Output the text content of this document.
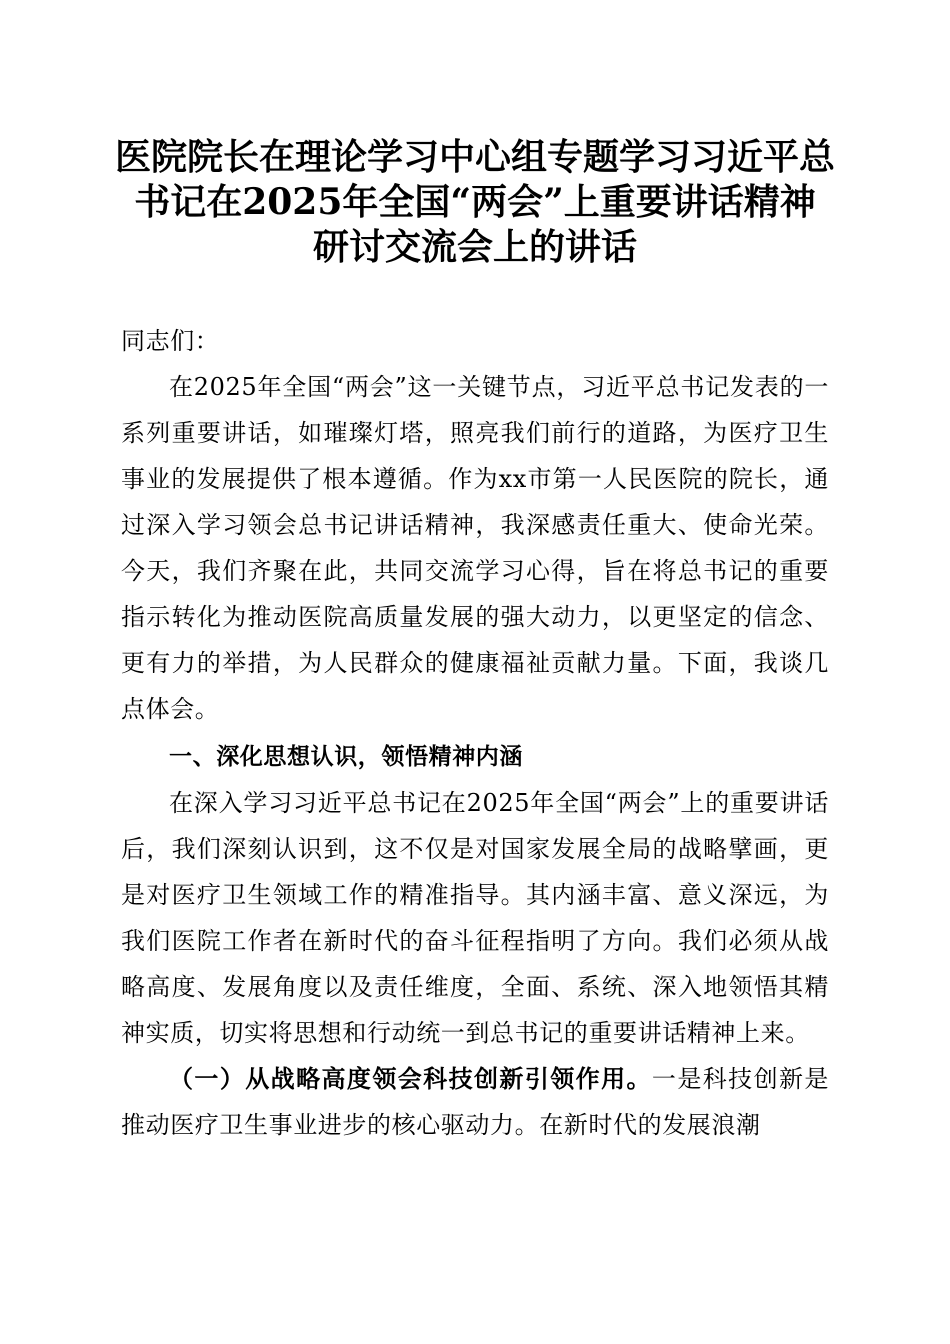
医院院长在理论学习中心组专题学习习近平总
书记在2025年全国“两会”上重要讲话精神
研讨交流会上的讲话

同志们：

在2025年全国“两会”这一关键节点，习近平总书记发表的一系列重要讲话，如璀璨灯塔，照亮我们前行的道路，为医疗卫生事业的发展提供了根本遵循。作为xx市第一人民医院的院长，通过深入学习领会总书记讲话精神，我深感责任重大、使命光荣。今天，我们齐聚在此，共同交流学习心得，旨在将总书记的重要指示转化为推动医院高质量发展的强大动力，以更坚定的信念、更有力的举措，为人民群众的健康福祉贡献力量。下面，我谈几点体会。

一、深化思想认识，领悟精神内涵

在深入学习习近平总书记在2025年全国“两会”上的重要讲话后，我们深刻认识到，这不仅是对国家发展全局的战略擘画，更是对医疗卫生领域工作的精准指导。其内涵丰富、意义深远，为我们医院工作者在新时代的奋斗征程指明了方向。我们必须从战略高度、发展角度以及责任维度，全面、系统、深入地领悟其精神实质，切实将思想和行动统一到总书记的重要讲话精神上来。

（一）从战略高度领会科技创新引领作用。一是科技创新是推动医疗卫生事业进步的核心驱动力。在新时代的发展浪潮
